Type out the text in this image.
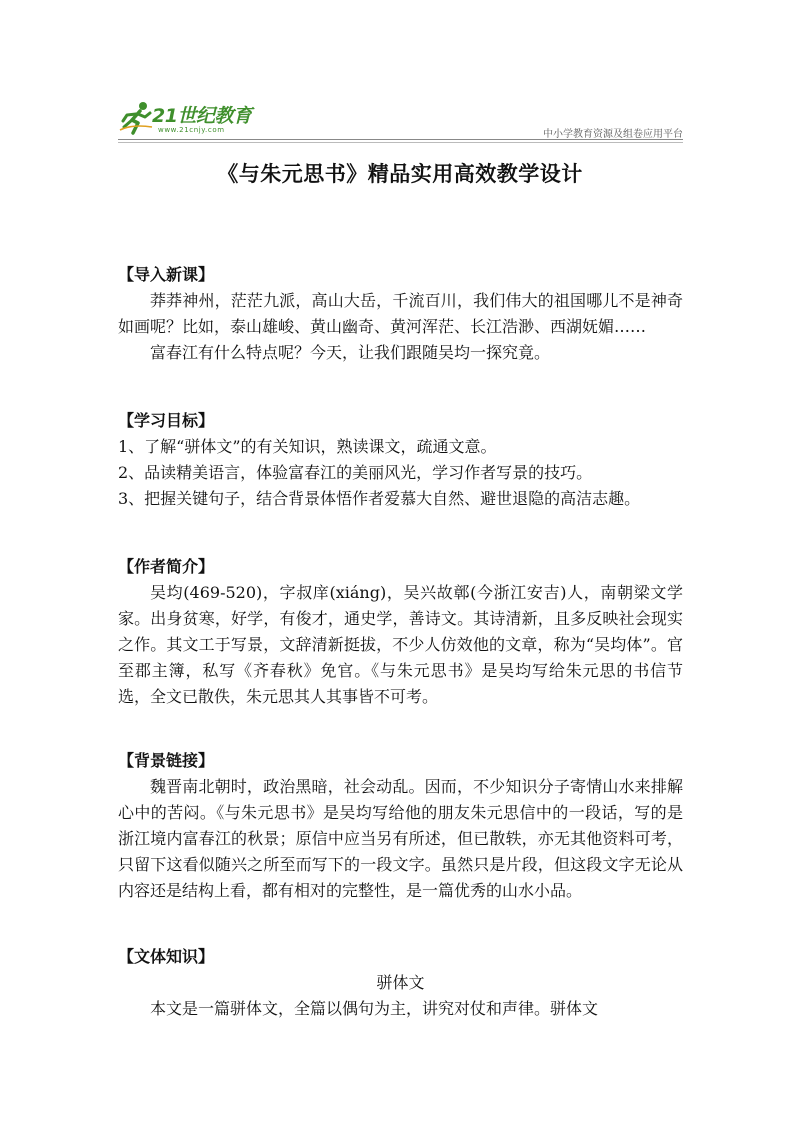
21世纪教育
www.21cnjy.com	中小学教育资源及组卷应用平台
《与朱元思书》精品实用高效教学设计

【导入新课】

莽莽神州，茫茫九派，高山大岳，千流百川，我们伟大的祖国哪儿不是神奇如画呢？比如，泰山雄峻、黄山幽奇、黄河浑茫、长江浩渺、西湖妩媚……

富春江有什么特点呢？今天，让我们跟随吴均一探究竟。

【学习目标】

1、了解“骈体文”的有关知识，熟读课文，疏通文意。

2、品读精美语言，体验富春江的美丽风光，学习作者写景的技巧。

3、把握关键句子，结合背景体悟作者爱慕大自然、避世退隐的高洁志趣。

【作者简介】

吴均(469-520)，字叔庠(xiáng)，吴兴故鄣(今浙江安吉)人，南朝梁文学家。出身贫寒，好学，有俊才，通史学，善诗文。其诗清新，且多反映社会现实之作。其文工于写景，文辞清新挺拔，不少人仿效他的文章，称为“吴均体”。官至郡主簿，私写《齐春秋》免官。《与朱元思书》是吴均写给朱元思的书信节选，全文已散佚，朱元思其人其事皆不可考。

【背景链接】

魏晋南北朝时，政治黑暗，社会动乱。因而，不少知识分子寄情山水来排解心中的苦闷。《与朱元思书》是吴均写给他的朋友朱元思信中的一段话，写的是浙江境内富春江的秋景；原信中应当另有所述，但已散轶，亦无其他资料可考，只留下这看似随兴之所至而写下的一段文字。虽然只是片段，但这段文字无论从内容还是结构上看，都有相对的完整性，是一篇优秀的山水小品。

【文体知识】

骈体文

本文是一篇骈体文，全篇以偶句为主，讲究对仗和声律。骈体文
